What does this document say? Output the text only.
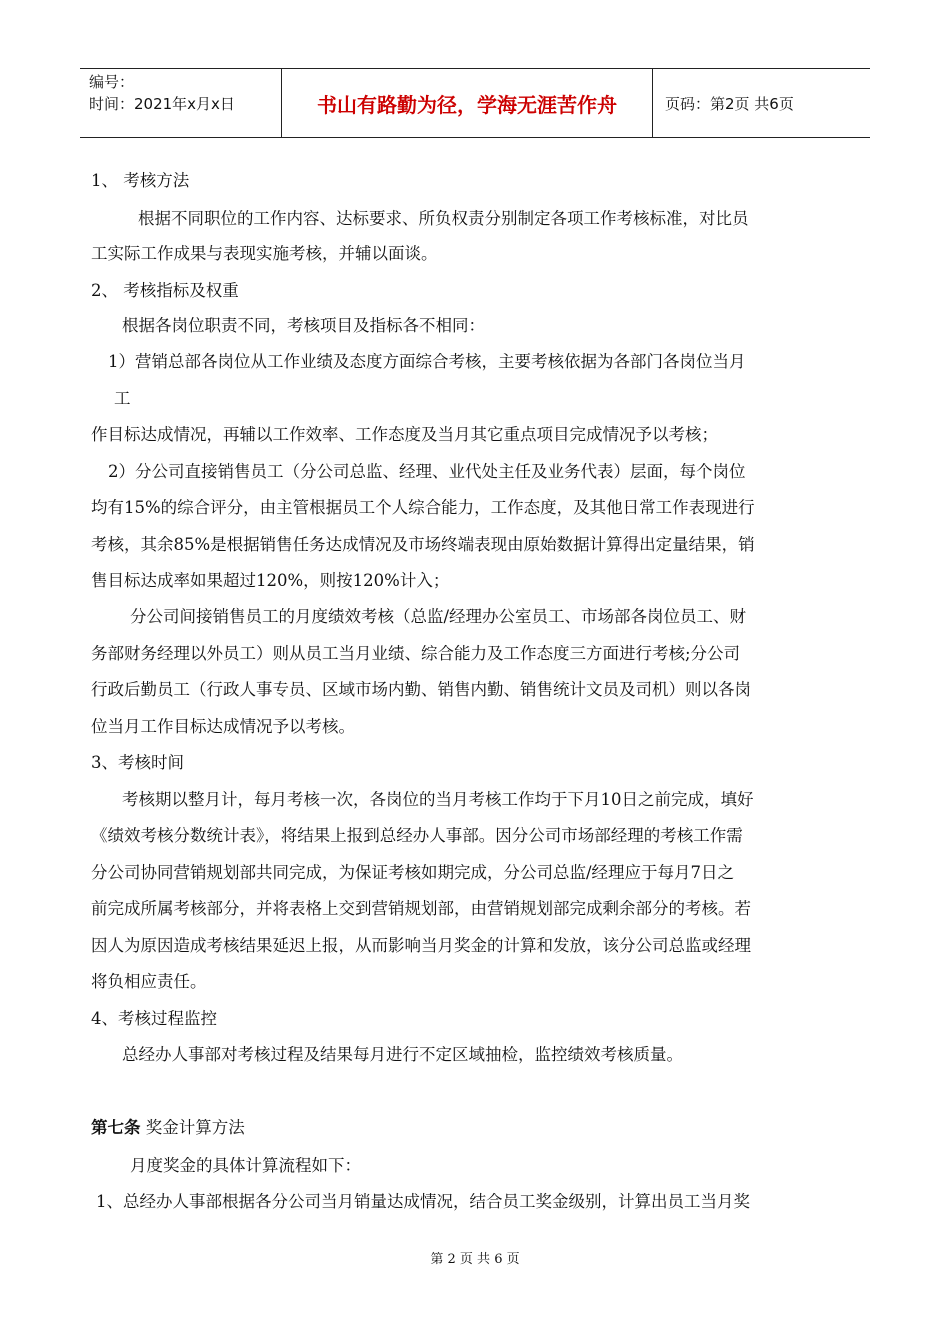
编号：
时间：2021年x月x日	书山有路勤为径，学海无涯苦作舟	页码：第2页 共6页
1、 考核方法
根据不同职位的工作内容、达标要求、所负权责分别制定各项工作考核标准，对比员
工实际工作成果与表现实施考核，并辅以面谈。
2、 考核指标及权重
根据各岗位职责不同，考核项目及指标各不相同：
1）营销总部各岗位从工作业绩及态度方面综合考核，主要考核依据为各部门各岗位当月
工
作目标达成情况，再辅以工作效率、工作态度及当月其它重点项目完成情况予以考核；
2）分公司直接销售员工（分公司总监、经理、业代处主任及业务代表）层面，每个岗位
均有15%的综合评分，由主管根据员工个人综合能力，工作态度，及其他日常工作表现进行
考核，其余85%是根据销售任务达成情况及市场终端表现由原始数据计算得出定量结果，销
售目标达成率如果超过120%，则按120%计入；
分公司间接销售员工的月度绩效考核（总监/经理办公室员工、市场部各岗位员工、财
务部财务经理以外员工）则从员工当月业绩、综合能力及工作态度三方面进行考核;分公司
行政后勤员工（行政人事专员、区域市场内勤、销售内勤、销售统计文员及司机）则以各岗
位当月工作目标达成情况予以考核。
3、考核时间
考核期以整月计，每月考核一次，各岗位的当月考核工作均于下月10日之前完成，填好
《绩效考核分数统计表》，将结果上报到总经办人事部。因分公司市场部经理的考核工作需
分公司协同营销规划部共同完成，为保证考核如期完成，分公司总监/经理应于每月7日之
前完成所属考核部分，并将表格上交到营销规划部，由营销规划部完成剩余部分的考核。若
因人为原因造成考核结果延迟上报，从而影响当月奖金的计算和发放，该分公司总监或经理
将负相应责任。
4、考核过程监控
总经办人事部对考核过程及结果每月进行不定区域抽检，监控绩效考核质量。
第七条 奖金计算方法
月度奖金的具体计算流程如下：
1、总经办人事部根据各分公司当月销量达成情况，结合员工奖金级别，计算出员工当月奖
第 2 页 共 6 页
